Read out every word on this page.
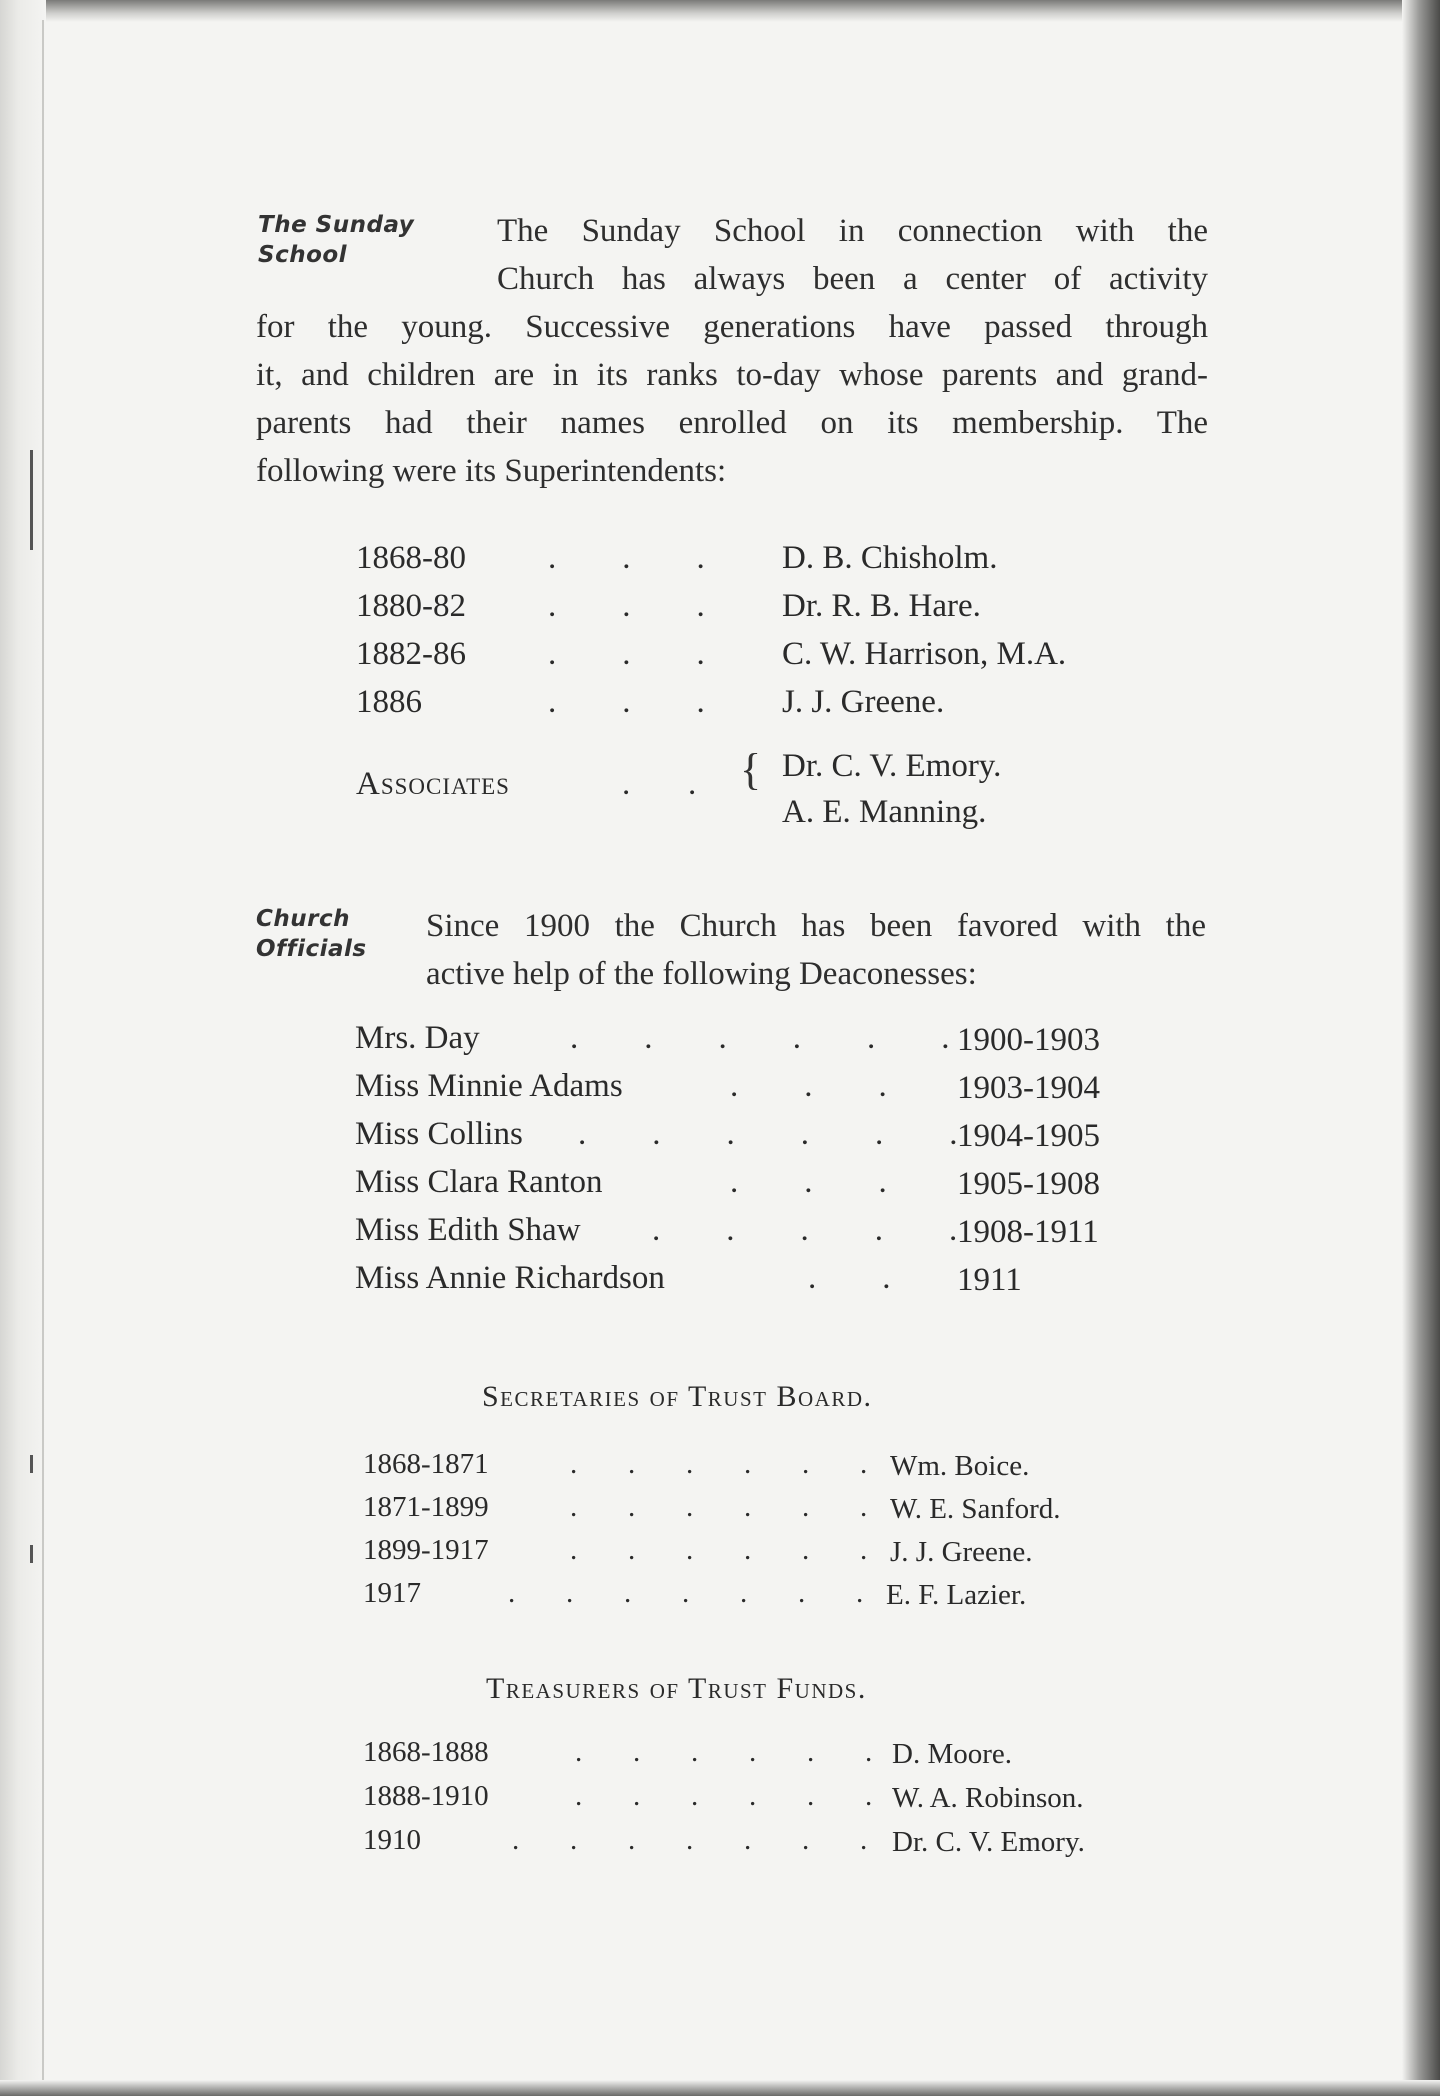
The Sunday
School
The Sunday School in connection with the
Church has always been a center of activity
for the young. Successive generations have passed through
it, and children are in its ranks to-day whose parents and grand-
parents had their names enrolled on its membership. The
following were its Superintendents:
1868-80 .        .        . D. B. Chisholm.
1880-82 .        .        . Dr. R. B. Hare.
1882-86 .        .        . C. W. Harrison, M.A.
1886	.        .        . J. J. Greene.
Associates	.       . { Dr. C. V. Emory.
A. E. Manning.
Church
Officials
Since 1900 the Church has been favored with the
active help of the following Deaconesses:
Mrs. Day	.        .        .        .        .        . 1900-1903
Miss Minnie Adams	.        .        . 1903-1904
Miss Collins .        .        .        .        .        . 1904-1905
Miss Clara Ranton	.        .        . 1905-1908
Miss Edith Shaw .        .        .        .        . 1908-1911
Miss Annie Richardson	.        . 1911
Secretaries of Trust Board.
1868-1871	.       .       .       .       .       . Wm. Boice.
1871-1899	.       .       .       .       .       . W. E. Sanford.
1899-1917	.       .       .       .       .       . J. J. Greene.
1917	.       .       .       .       .       .       . E. F. Lazier.
Treasurers of Trust Funds.
1868-1888	.       .       .       .       .       . D. Moore.
1888-1910	.       .       .       .       .       . W. A. Robinson.
1910	.       .       .       .       .       .       . Dr. C. V. Emory.
